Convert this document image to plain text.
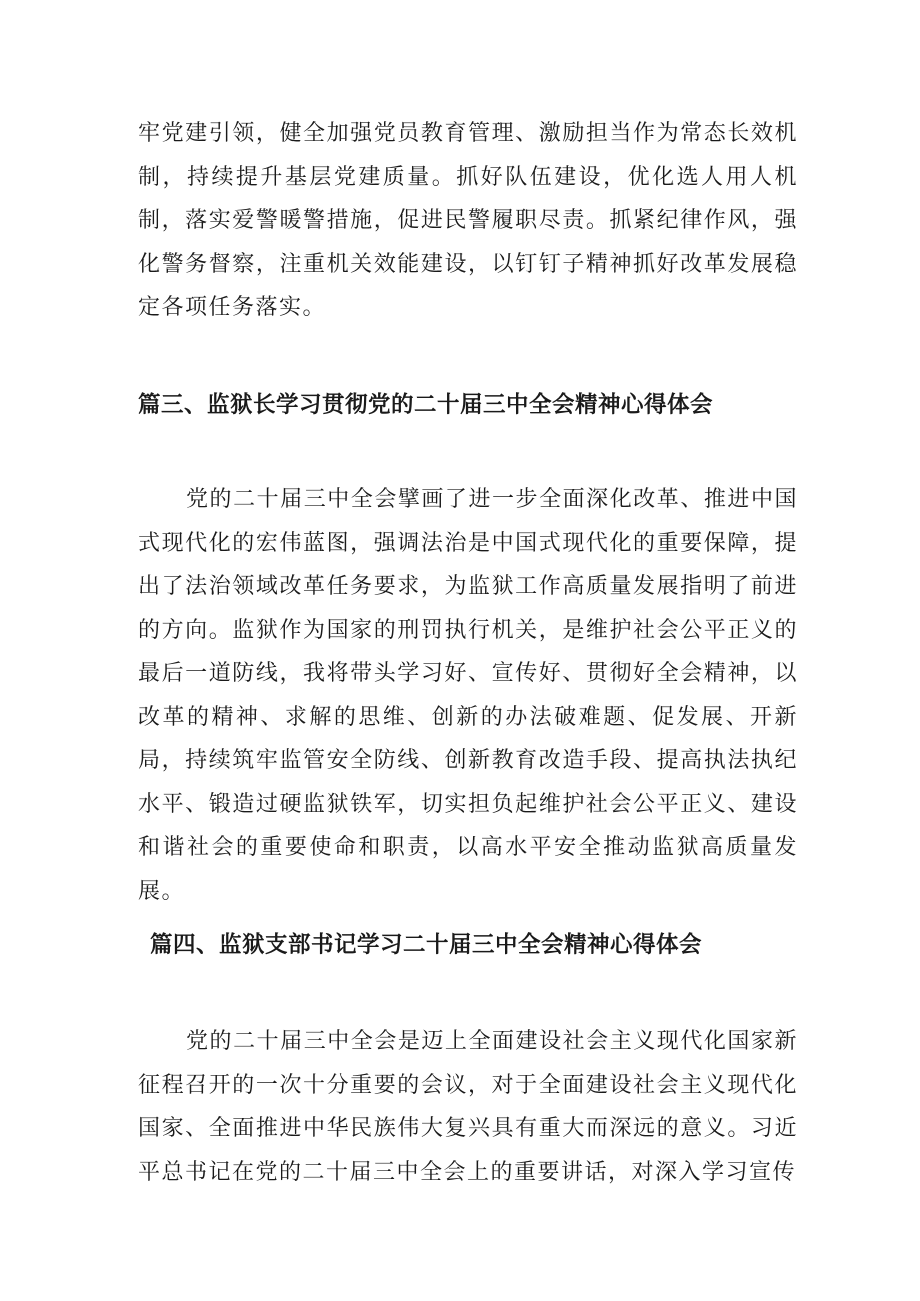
牢党建引领，健全加强党员教育管理、激励担当作为常态长效机制，持续提升基层党建质量。抓好队伍建设，优化选人用人机制，落实爱警暖警措施，促进民警履职尽责。抓紧纪律作风，强化警务督察，注重机关效能建设，以钉钉子精神抓好改革发展稳定各项任务落实。

篇三、监狱长学习贯彻党的二十届三中全会精神心得体会

党的二十届三中全会擘画了进一步全面深化改革、推进中国式现代化的宏伟蓝图，强调法治是中国式现代化的重要保障，提出了法治领域改革任务要求，为监狱工作高质量发展指明了前进的方向。监狱作为国家的刑罚执行机关，是维护社会公平正义的最后一道防线，我将带头学习好、宣传好、贯彻好全会精神，以改革的精神、求解的思维、创新的办法破难题、促发展、开新局，持续筑牢监管安全防线、创新教育改造手段、提高执法执纪水平、锻造过硬监狱铁军，切实担负起维护社会公平正义、建设和谐社会的重要使命和职责，以高水平安全推动监狱高质量发展。

篇四、监狱支部书记学习二十届三中全会精神心得体会

党的二十届三中全会是迈上全面建设社会主义现代化国家新征程召开的一次十分重要的会议，对于全面建设社会主义现代化国家、全面推进中华民族伟大复兴具有重大而深远的意义。习近平总书记在党的二十届三中全会上的重要讲话，对深入学习宣传
